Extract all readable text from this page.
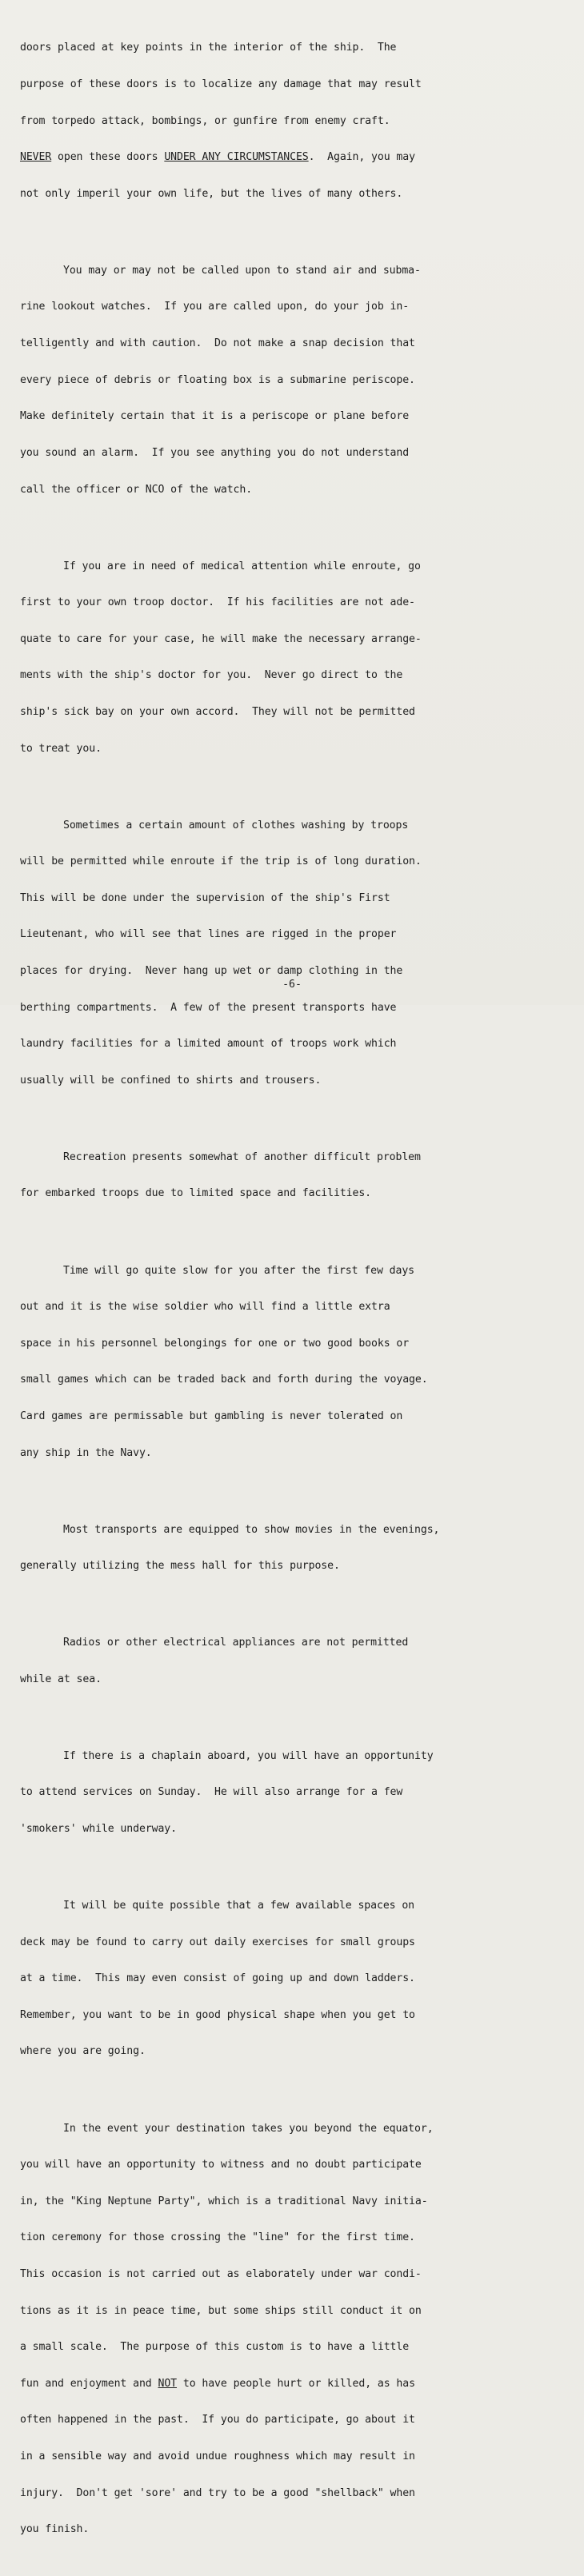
doors placed at key points in the interior of the ship.  The

purpose of these doors is to localize any damage that may result

from torpedo attack, bombings, or gunfire from enemy craft.

NEVER open these doors UNDER ANY CIRCUMSTANCES.  Again, you may

not only imperil your own life, but the lives of many others.

You may or may not be called upon to stand air and subma-

rine lookout watches.  If you are called upon, do your job in-

telligently and with caution.  Do not make a snap decision that

every piece of debris or floating box is a submarine periscope.

Make definitely certain that it is a periscope or plane before

you sound an alarm.  If you see anything you do not understand

call the officer or NCO of the watch.

If you are in need of medical attention while enroute, go

first to your own troop doctor.  If his facilities are not ade-

quate to care for your case, he will make the necessary arrange-

ments with the ship's doctor for you.  Never go direct to the

ship's sick bay on your own accord.  They will not be permitted

to treat you.

Sometimes a certain amount of clothes washing by troops

will be permitted while enroute if the trip is of long duration.

This will be done under the supervision of the ship's First

Lieutenant, who will see that lines are rigged in the proper

places for drying.  Never hang up wet or damp clothing in the

berthing compartments.  A few of the present transports have

laundry facilities for a limited amount of troops work which

usually will be confined to shirts and trousers.

Recreation presents somewhat of another difficult problem

for embarked troops due to limited space and facilities.

Time will go quite slow for you after the first few days

out and it is the wise soldier who will find a little extra

space in his personnel belongings for one or two good books or

small games which can be traded back and forth during the voyage.

Card games are permissable but gambling is never tolerated on

any ship in the Navy.

Most transports are equipped to show movies in the evenings,

generally utilizing the mess hall for this purpose.

Radios or other electrical appliances are not permitted

while at sea.

If there is a chaplain aboard, you will have an opportunity

to attend services on Sunday.  He will also arrange for a few

'smokers' while underway.

It will be quite possible that a few available spaces on

deck may be found to carry out daily exercises for small groups

at a time.  This may even consist of going up and down ladders.

Remember, you want to be in good physical shape when you get to

where you are going.

In the event your destination takes you beyond the equator,

you will have an opportunity to witness and no doubt participate

in, the "King Neptune Party", which is a traditional Navy initia-

tion ceremony for those crossing the "line" for the first time.

This occasion is not carried out as elaborately under war condi-

tions as it is in peace time, but some ships still conduct it on

a small scale.  The purpose of this custom is to have a little

fun and enjoyment and NOT to have people hurt or killed, as has

often happened in the past.  If you do participate, go about it

in a sensible way and avoid undue roughness which may result in

injury.  Don't get 'sore' and try to be a good "shellback" when

you finish.

-6-
